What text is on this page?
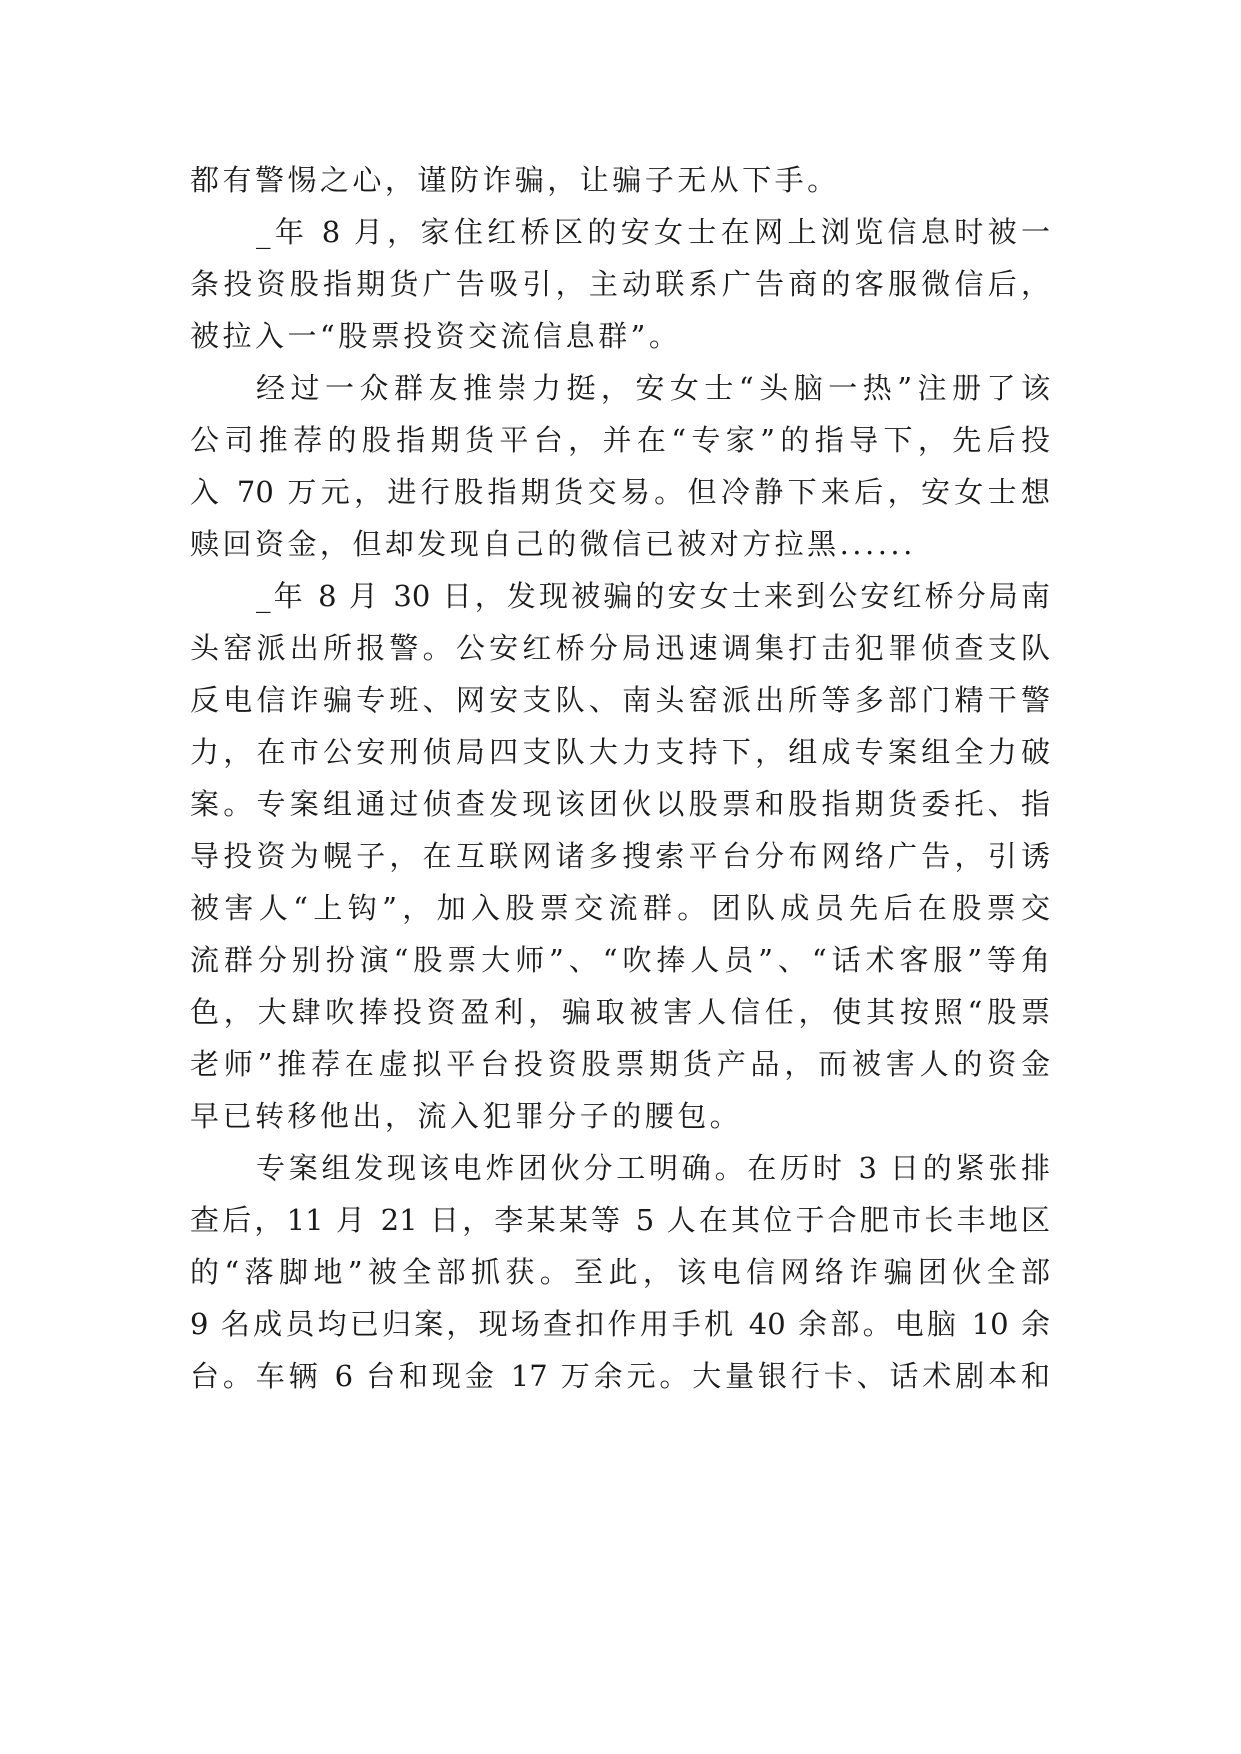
都有警惕之心，谨防诈骗，让骗子无从下手。
_年 8 月，家住红桥区的安女士在网上浏览信息时被一
条投资股指期货广告吸引，主动联系广告商的客服微信后，
被拉入一“股票投资交流信息群”。
经过一众群友推崇力挺，安女士“头脑一热”注册了该
公司推荐的股指期货平台，并在“专家”的指导下，先后投
入 70 万元，进行股指期货交易。但冷静下来后，安女士想
赎回资金，但却发现自己的微信已被对方拉黑......
_年 8 月 30 日，发现被骗的安女士来到公安红桥分局南
头窑派出所报警。公安红桥分局迅速调集打击犯罪侦查支队
反电信诈骗专班、网安支队、南头窑派出所等多部门精干警
力，在市公安刑侦局四支队大力支持下，组成专案组全力破
案。专案组通过侦查发现该团伙以股票和股指期货委托、指
导投资为幌子，在互联网诸多搜索平台分布网络广告，引诱
被害人“上钩”，加入股票交流群。团队成员先后在股票交
流群分别扮演“股票大师”、“吹捧人员”、“话术客服”等角
色，大肆吹捧投资盈利，骗取被害人信任，使其按照“股票
老师”推荐在虚拟平台投资股票期货产品，而被害人的资金
早已转移他出，流入犯罪分子的腰包。
专案组发现该电炸团伙分工明确。在历时 3 日的紧张排
查后，11 月 21 日，李某某等 5 人在其位于合肥市长丰地区
的“落脚地”被全部抓获。至此，该电信网络诈骗团伙全部
9 名成员均已归案，现场查扣作用手机 40 余部。电脑 10 余
台。车辆 6 台和现金 17 万余元。大量银行卡、话术剧本和
